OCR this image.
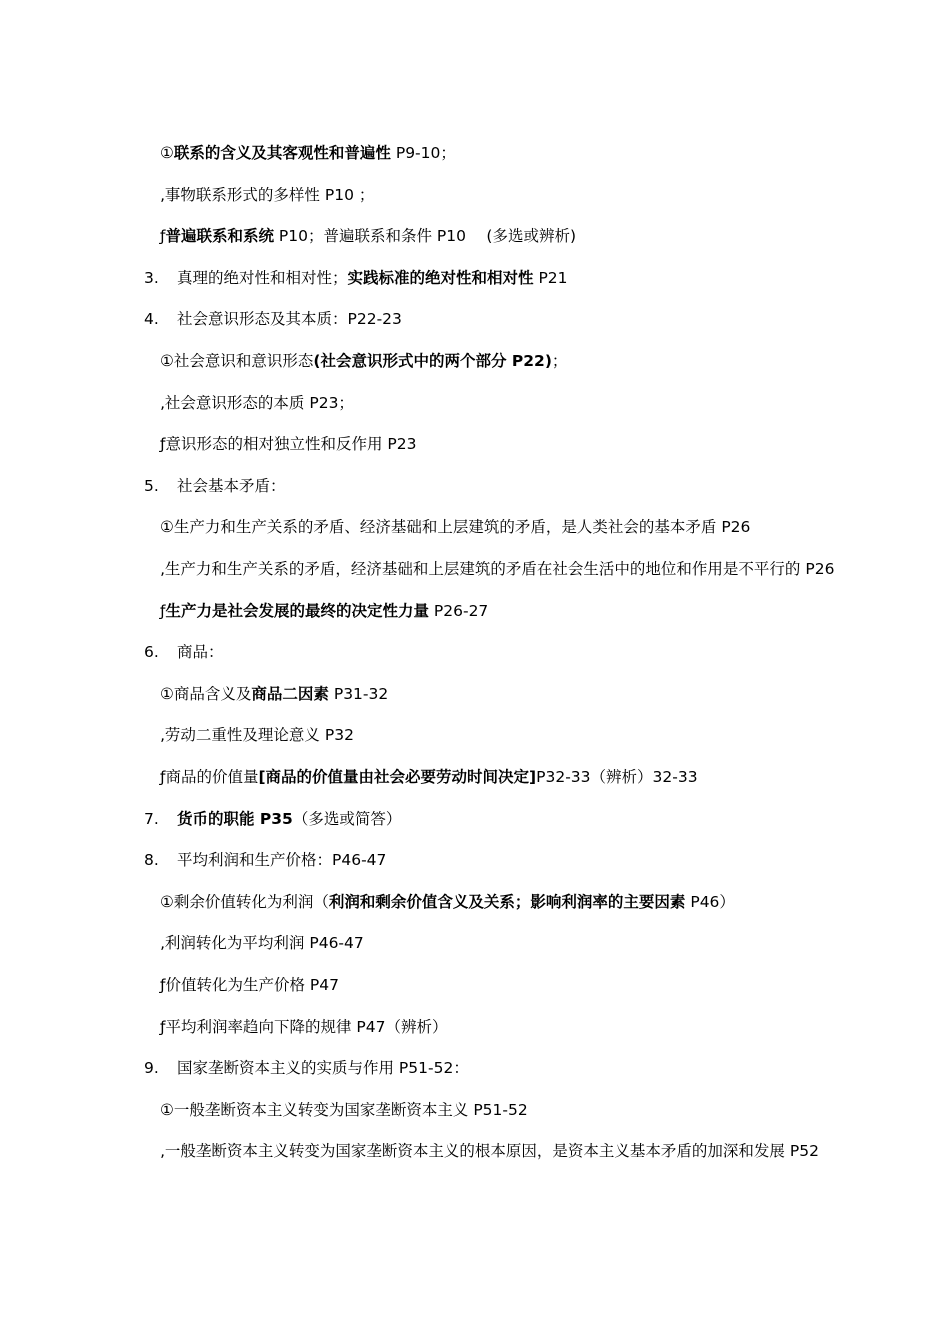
①联系的含义及其客观性和普遍性 P9-10；
‚事物联系形式的多样性 P10 ；
ƒ普遍联系和系统 P10；普遍联系和条件 P10　 (多选或辨析)
3. 真理的绝对性和相对性；实践标准的绝对性和相对性 P21
4. 社会意识形态及其本质：P22-23
①社会意识和意识形态(社会意识形式中的两个部分 P22)；
‚社会意识形态的本质 P23；
ƒ意识形态的相对独立性和反作用 P23
5. 社会基本矛盾：
①生产力和生产关系的矛盾、经济基础和上层建筑的矛盾，是人类社会的基本矛盾 P26
‚生产力和生产关系的矛盾，经济基础和上层建筑的矛盾在社会生活中的地位和作用是不平行的 P26
ƒ生产力是社会发展的最终的决定性力量 P26-27
6. 商品：
①商品含义及商品二因素 P31-32
‚劳动二重性及理论意义 P32
ƒ商品的价值量[商品的价值量由社会必要劳动时间决定]P32-33（辨析）32-33
7. 货币的职能 P35（多选或简答）
8. 平均利润和生产价格：P46-47
①剩余价值转化为利润（利润和剩余价值含义及关系；影响利润率的主要因素 P46）
‚利润转化为平均利润 P46-47
ƒ价值转化为生产价格 P47
ƒ平均利润率趋向下降的规律 P47（辨析）
9. 国家垄断资本主义的实质与作用 P51-52：
①一般垄断资本主义转变为国家垄断资本主义 P51-52
‚一般垄断资本主义转变为国家垄断资本主义的根本原因，是资本主义基本矛盾的加深和发展 P52
